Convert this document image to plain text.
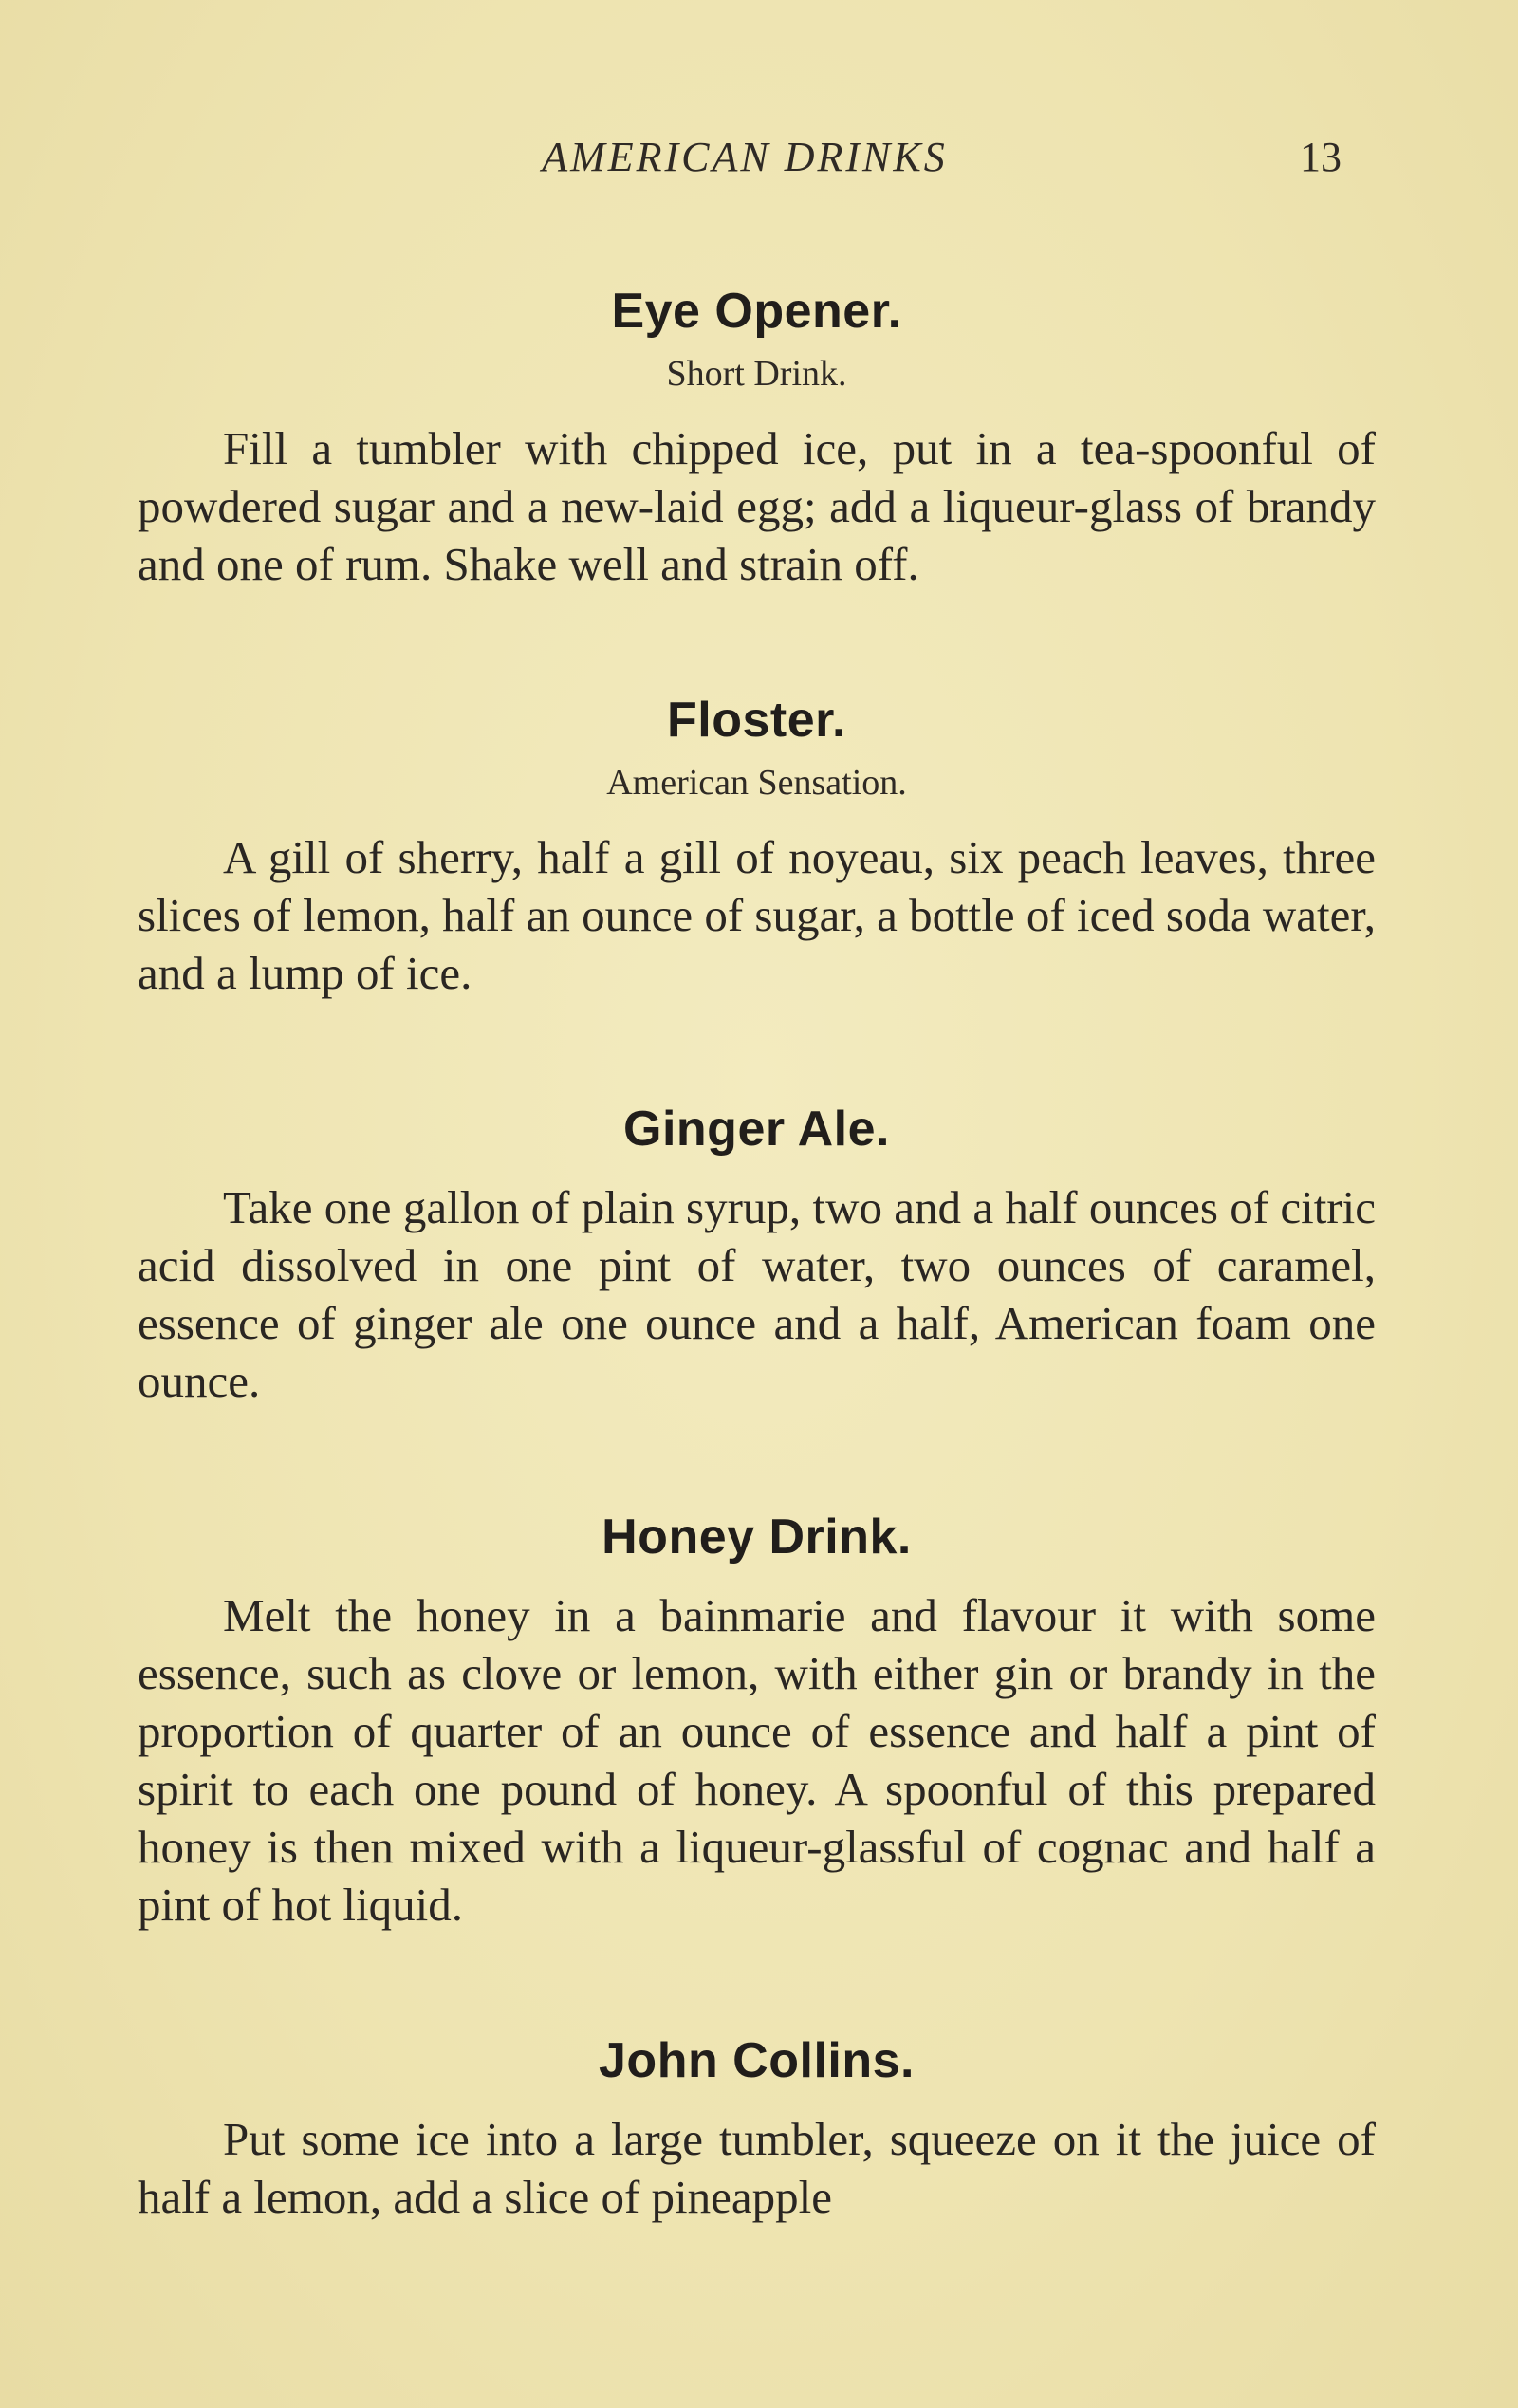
AMERICAN DRINKS	13
Eye Opener.

Short Drink.

Fill a tumbler with chipped ice, put in a tea-spoonful of powdered sugar and a new-laid egg; add a liqueur-glass of brandy and one of rum. Shake well and strain off.

Floster.

American Sensation.

A gill of sherry, half a gill of noyeau, six peach leaves, three slices of lemon, half an ounce of sugar, a bottle of iced soda water, and a lump of ice.

Ginger Ale.

Take one gallon of plain syrup, two and a half ounces of citric acid dissolved in one pint of water, two ounces of caramel, essence of ginger ale one ounce and a half, American foam one ounce.

Honey Drink.

Melt the honey in a bainmarie and flavour it with some essence, such as clove or lemon, with either gin or brandy in the proportion of quarter of an ounce of essence and half a pint of spirit to each one pound of honey. A spoonful of this prepared honey is then mixed with a liqueur-glassful of cognac and half a pint of hot liquid.

John Collins.

Put some ice into a large tumbler, squeeze on it the juice of half a lemon, add a slice of pineapple
